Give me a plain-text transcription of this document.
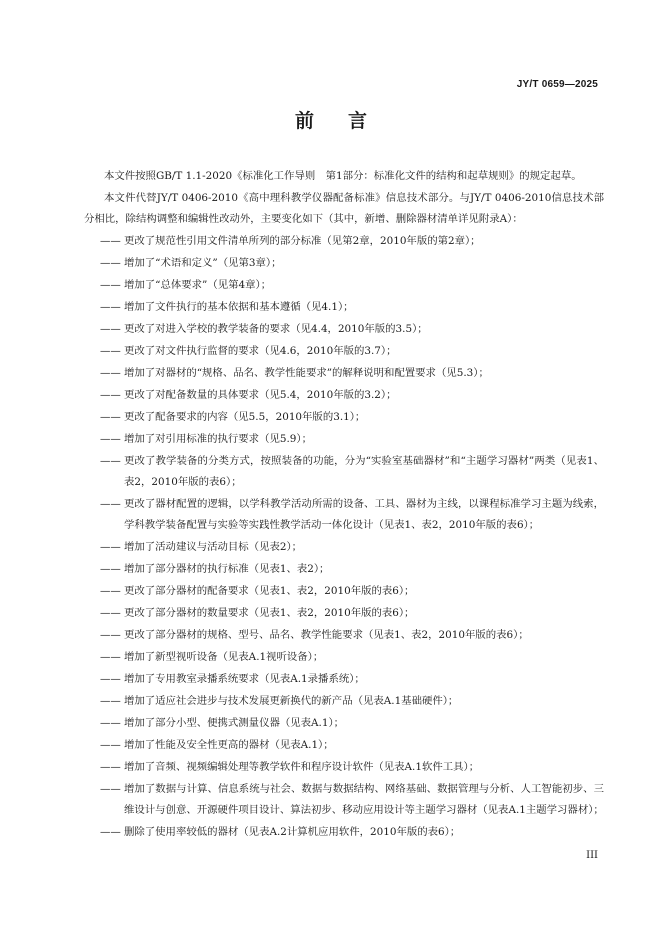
JY/T 0659—2025
前言

本文件按照GB/T 1.1-2020《标准化工作导则　第1部分：标准化文件的结构和起草规则》的规定起草。

本文件代替JY/T 0406-2010《高中理科教学仪器配备标准》信息技术部分。与JY/T 0406-2010信息技术部分相比，除结构调整和编辑性改动外，主要变化如下（其中，新增、删除器材清单详见附录A）：

—— 更改了规范性引用文件清单所列的部分标准（见第2章，2010年版的第2章）；
—— 增加了“术语和定义”（见第3章）；
—— 增加了“总体要求”（见第4章）；
—— 增加了文件执行的基本依据和基本遵循（见4.1）；
—— 更改了对进入学校的教学装备的要求（见4.4，2010年版的3.5）；
—— 更改了对文件执行监督的要求（见4.6，2010年版的3.7）；
—— 增加了对器材的“规格、品名、教学性能要求”的解释说明和配置要求（见5.3）；
—— 更改了对配备数量的具体要求（见5.4，2010年版的3.2）；
—— 更改了配备要求的内容（见5.5，2010年版的3.1）；
—— 增加了对引用标准的执行要求（见5.9）；
—— 更改了教学装备的分类方式，按照装备的功能，分为“实验室基础器材”和“主题学习器材”两类（见表1、表2，2010年版的表6）；
—— 更改了器材配置的逻辑，以学科教学活动所需的设备、工具、器材为主线，以课程标准学习主题为线索，学科教学装备配置与实验等实践性教学活动一体化设计（见表1、表2，2010年版的表6）；
—— 增加了活动建议与活动目标（见表2）；
—— 增加了部分器材的执行标准（见表1、表2）；
—— 更改了部分器材的配备要求（见表1、表2，2010年版的表6）；
—— 更改了部分器材的数量要求（见表1、表2，2010年版的表6）；
—— 更改了部分器材的规格、型号、品名、教学性能要求（见表1、表2，2010年版的表6）；
—— 增加了新型视听设备（见表A.1视听设备）；
—— 增加了专用教室录播系统要求（见表A.1录播系统）；
—— 增加了适应社会进步与技术发展更新换代的新产品（见表A.1基础硬件）；
—— 增加了部分小型、便携式测量仪器（见表A.1）；
—— 增加了性能及安全性更高的器材（见表A.1）；
—— 增加了音频、视频编辑处理等教学软件和程序设计软件（见表A.1软件工具）；
—— 增加了数据与计算、信息系统与社会、数据与数据结构、网络基础、数据管理与分析、人工智能初步、三维设计与创意、开源硬件项目设计、算法初步、移动应用设计等主题学习器材（见表A.1主题学习器材）；
—— 删除了使用率较低的器材（见表A.2计算机应用软件，2010年版的表6）；
III
